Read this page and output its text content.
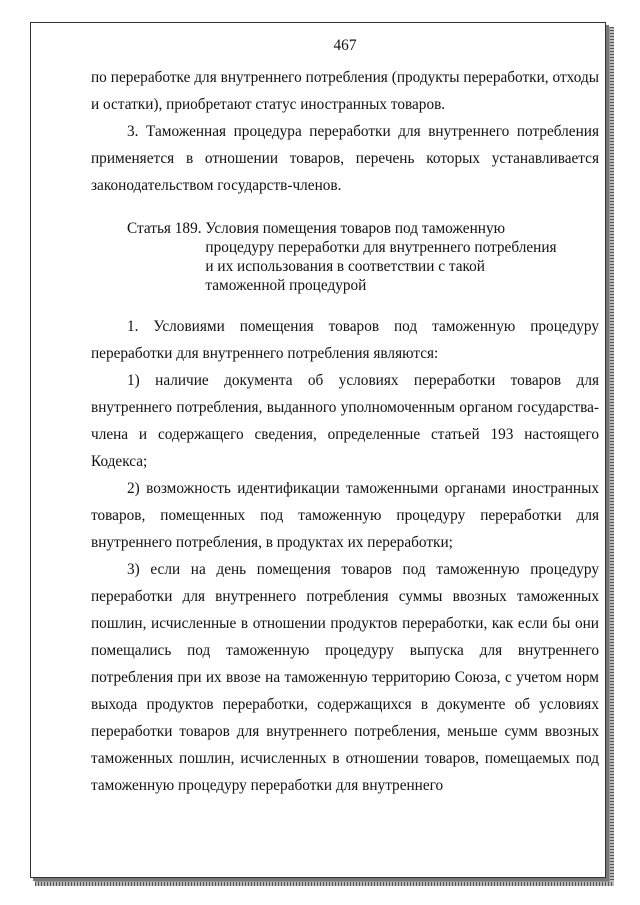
467

по переработке для внутреннего потребления (продукты переработки, отходы и остатки), приобретают статус иностранных товаров.

3. Таможенная процедура переработки для внутреннего потребления применяется в отношении товаров, перечень которых устанавливается законодательством государств-членов.

Статья 189.
Условия помещения товаров под таможенную
процедуру переработки для внутреннего потребления
и их использования в соответствии с такой
таможенной процедурой

1. Условиями помещения товаров под таможенную процедуру переработки для внутреннего потребления являются:

1) наличие документа об условиях переработки товаров для внутреннего потребления, выданного уполномоченным органом государства-члена и содержащего сведения, определенные статьей 193 настоящего Кодекса;

2) возможность идентификации таможенными органами иностранных товаров, помещенных под таможенную процедуру переработки для внутреннего потребления, в продуктах их переработки;

3) если на день помещения товаров под таможенную процедуру переработки для внутреннего потребления суммы ввозных таможенных пошлин, исчисленные в отношении продуктов переработки, как если бы они помещались под таможенную процедуру выпуска для внутреннего потребления при их ввозе на таможенную территорию Союза, с учетом норм выхода продуктов переработки, содержащихся в документе об условиях переработки товаров для внутреннего потребления, меньше сумм ввозных таможенных пошлин, исчисленных в отношении товаров, помещаемых под таможенную процедуру переработки для внутреннего
